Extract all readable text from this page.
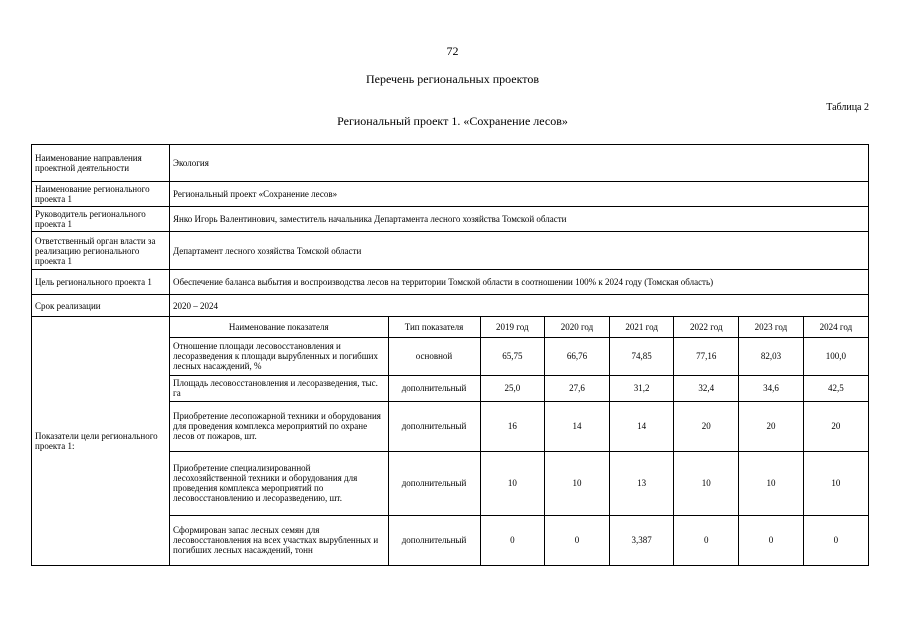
72
Перечень региональных проектов
Таблица 2
Региональный проект 1. «Сохранение лесов»
Наименование направления проектной деятельности	Экология
Наименование регионального проекта 1	Региональный проект «Сохранение лесов»
Руководитель регионального проекта 1	Янко Игорь Валентинович, заместитель начальника Департамента лесного хозяйства Томской области
Ответственный орган власти за реализацию регионального проекта 1	Департамент лесного хозяйства Томской области
Цель регионального проекта 1	Обеспечение баланса выбытия и воспроизводства лесов на территории Томской области в соотношении 100% к 2024 году (Томская область)
Срок реализации	2020 – 2024
Показатели цели регионального проекта 1:	
Наименование показателя	Тип показателя	2019 год	2020 год	2021 год	2022 год	2023 год	2024 год
Отношение площади лесовосстановления и лесоразведения к площади вырубленных и погибших лесных насаждений, %	основной	65,75	66,76	74,85	77,16	82,03	100,0
Площадь лесовосстановления и лесоразведения, тыс. га	дополнительный	25,0	27,6	31,2	32,4	34,6	42,5
Приобретение лесопожарной техники и оборудования для проведения комплекса мероприятий по охране лесов от пожаров, шт.	дополнительный	16	14	14	20	20	20
Приобретение специализированной лесохозяйственной техники и оборудования для проведения комплекса мероприятий по лесовосстановлению и лесоразведению, шт.	дополнительный	10	10	13	10	10	10
Сформирован запас лесных семян для лесовосстановления на всех участках вырубленных и погибших лесных насаждений, тонн	дополнительный	0	0	3,387	0	0	0
